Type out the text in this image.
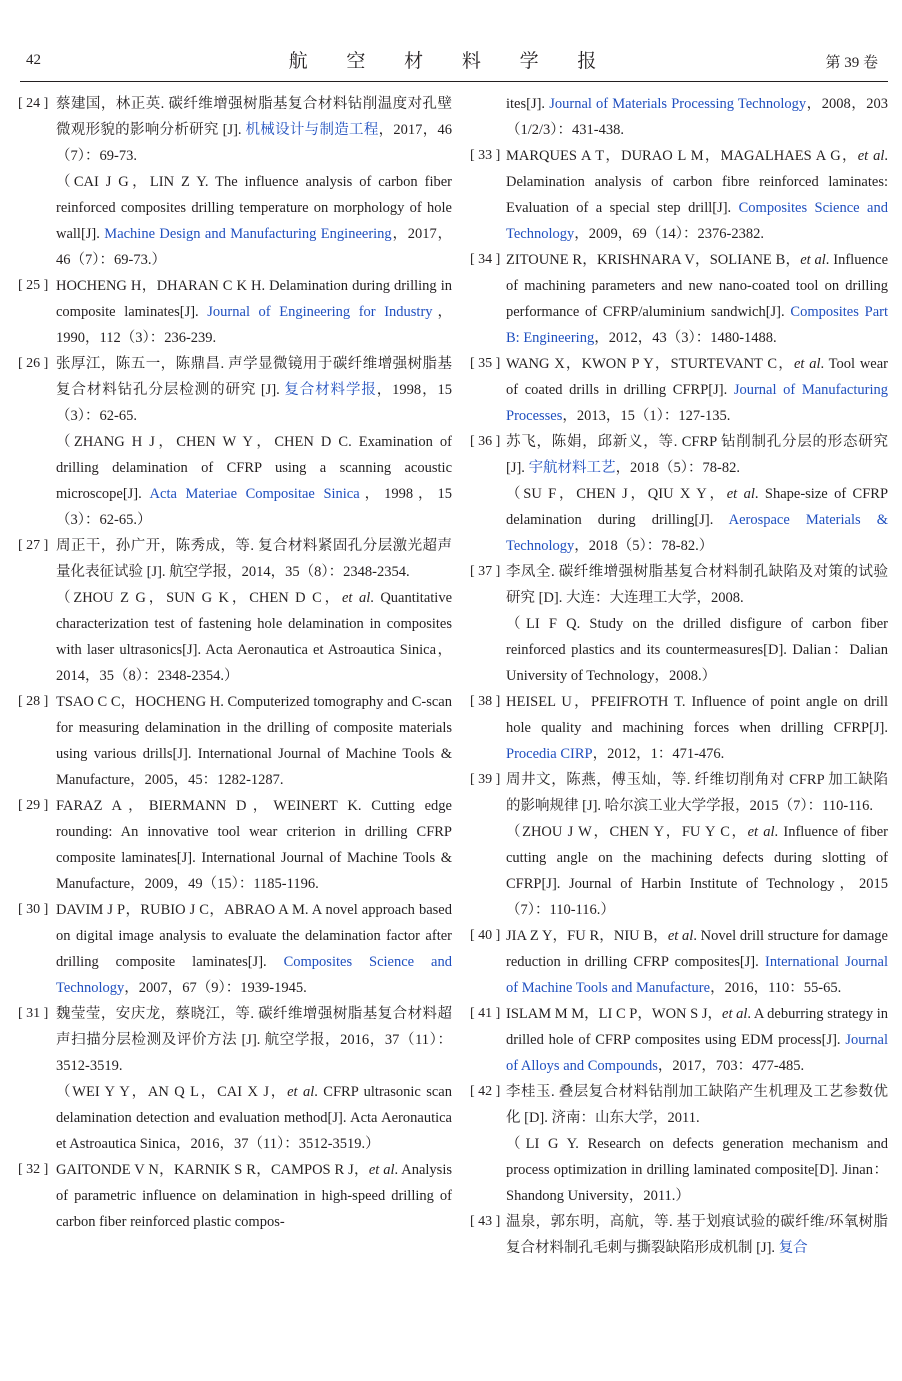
42	航 空 材 料 学 报	第 39 卷
[ 24 ] 蔡建国，林正英. 碳纤维增强树脂基复合材料钻削温度对孔壁微观形貌的影响分析研究 [J]. 机械设计与制造工程，2017，46（7）：69-73.
（CAI J G，LIN Z Y. The influence analysis of carbon fiber reinforced composites drilling temperature on morphology of hole wall[J]. Machine Design and Manufacturing Engineering，2017，46（7）：69-73.）
[ 25 ] HOCHENG H，DHARAN C K H. Delamination during drilling in composite laminates[J]. Journal of Engineering for Industry，1990，112（3）：236-239.
[ 26 ] 张厚江，陈五一，陈鼎昌. 声学显微镜用于碳纤维增强树脂基复合材料钻孔分层检测的研究 [J]. 复合材料学报，1998，15（3）：62-65.
（ZHANG H J，CHEN W Y，CHEN D C. Examination of drilling delamination of CFRP using a scanning acoustic microscope[J]. Acta Materiae Compositae Sinica，1998，15（3）：62-65.）
[ 27 ] 周正干，孙广开，陈秀成，等. 复合材料紧固孔分层激光超声量化表征试验 [J]. 航空学报，2014，35（8）：2348-2354.
（ZHOU Z G，SUN G K，CHEN D C，et al. Quantitative characterization test of fastening hole delamination in composites with laser ultrasonics[J]. Acta Aeronautica et Astroautica Sinica，2014，35（8）：2348-2354.）
[ 28 ] TSAO C C，HOCHENG H. Computerized tomography and C-scan for measuring delamination in the drilling of composite materials using various drills[J]. International Journal of Machine Tools & Manufacture，2005，45：1282-1287.
[ 29 ] FARAZ A，BIERMANN D，WEINERT K. Cutting edge rounding: An innovative tool wear criterion in drilling CFRP composite laminates[J]. International Journal of Machine Tools & Manufacture，2009，49（15）：1185-1196.
[ 30 ] DAVIM J P，RUBIO J C，ABRAO A M. A novel approach based on digital image analysis to evaluate the delamination factor after drilling composite laminates[J]. Composites Science and Technology，2007，67（9）：1939-1945.
[ 31 ] 魏莹莹，安庆龙，蔡晓江，等. 碳纤维增强树脂基复合材料超声扫描分层检测及评价方法 [J]. 航空学报，2016，37（11）：3512-3519.
（WEI Y Y，AN Q L，CAI X J，et al. CFRP ultrasonic scan delamination detection and evaluation method[J]. Acta Aeronautica et Astroautica Sinica，2016，37（11）：3512-3519.）
[ 32 ] GAITONDE V N，KARNIK S R，CAMPOS R J，et al. Analysis of parametric influence on delamination in high-speed drilling of carbon fiber reinforced plastic compos-
ites[J]. Journal of Materials Processing Technology，2008，203（1/2/3）：431-438.
[ 33 ] MARQUES A T，DURAO L M，MAGALHAES A G，et al. Delamination analysis of carbon fibre reinforced laminates: Evaluation of a special step drill[J]. Composites Science and Technology，2009，69（14）：2376-2382.
[ 34 ] ZITOUNE R，KRISHNARA V，SOLIANE B，et al. Influence of machining parameters and new nano-coated tool on drilling performance of CFRP/aluminium sandwich[J]. Composites Part B: Engineering，2012，43（3）：1480-1488.
[ 35 ] WANG X，KWON P Y，STURTEVANT C，et al. Tool wear of coated drills in drilling CFRP[J]. Journal of Manufacturing Processes，2013，15（1）：127-135.
[ 36 ] 苏飞，陈娟，邱新义，等. CFRP 钻削制孔分层的形态研究 [J]. 宇航材料工艺，2018（5）：78-82.
（SU F，CHEN J，QIU X Y，et al. Shape-size of CFRP delamination during drilling[J]. Aerospace Materials & Technology，2018（5）：78-82.）
[ 37 ] 李凤全. 碳纤维增强树脂基复合材料制孔缺陷及对策的试验研究 [D]. 大连：大连理工大学，2008.
（LI F Q. Study on the drilled disfigure of carbon fiber reinforced plastics and its countermeasures[D]. Dalian：Dalian University of Technology，2008.）
[ 38 ] HEISEL U，PFEIFROTH T. Influence of point angle on drill hole quality and machining forces when drilling CFRP[J]. Procedia CIRP，2012，1：471-476.
[ 39 ] 周井文，陈燕，傅玉灿，等. 纤维切削角对 CFRP 加工缺陷的影响规律 [J]. 哈尔滨工业大学学报，2015（7）：110-116.
（ZHOU J W，CHEN Y，FU Y C，et al. Influence of fiber cutting angle on the machining defects during slotting of CFRP[J]. Journal of Harbin Institute of Technology，2015（7）：110-116.）
[ 40 ] JIA Z Y，FU R，NIU B，et al. Novel drill structure for damage reduction in drilling CFRP composites[J]. International Journal of Machine Tools and Manufacture，2016，110：55-65.
[ 41 ] ISLAM M M，LI C P，WON S J，et al. A deburring strategy in drilled hole of CFRP composites using EDM process[J]. Journal of Alloys and Compounds，2017，703：477-485.
[ 42 ] 李桂玉. 叠层复合材料钻削加工缺陷产生机理及工艺参数优化 [D]. 济南：山东大学，2011.
（LI G Y. Research on defects generation mechanism and process optimization in drilling laminated composite[D]. Jinan：Shandong University，2011.）
[ 43 ] 温泉，郭东明，高航，等. 基于划痕试验的碳纤维/环氧树脂复合材料制孔毛刺与撕裂缺陷形成机制 [J]. 复合
